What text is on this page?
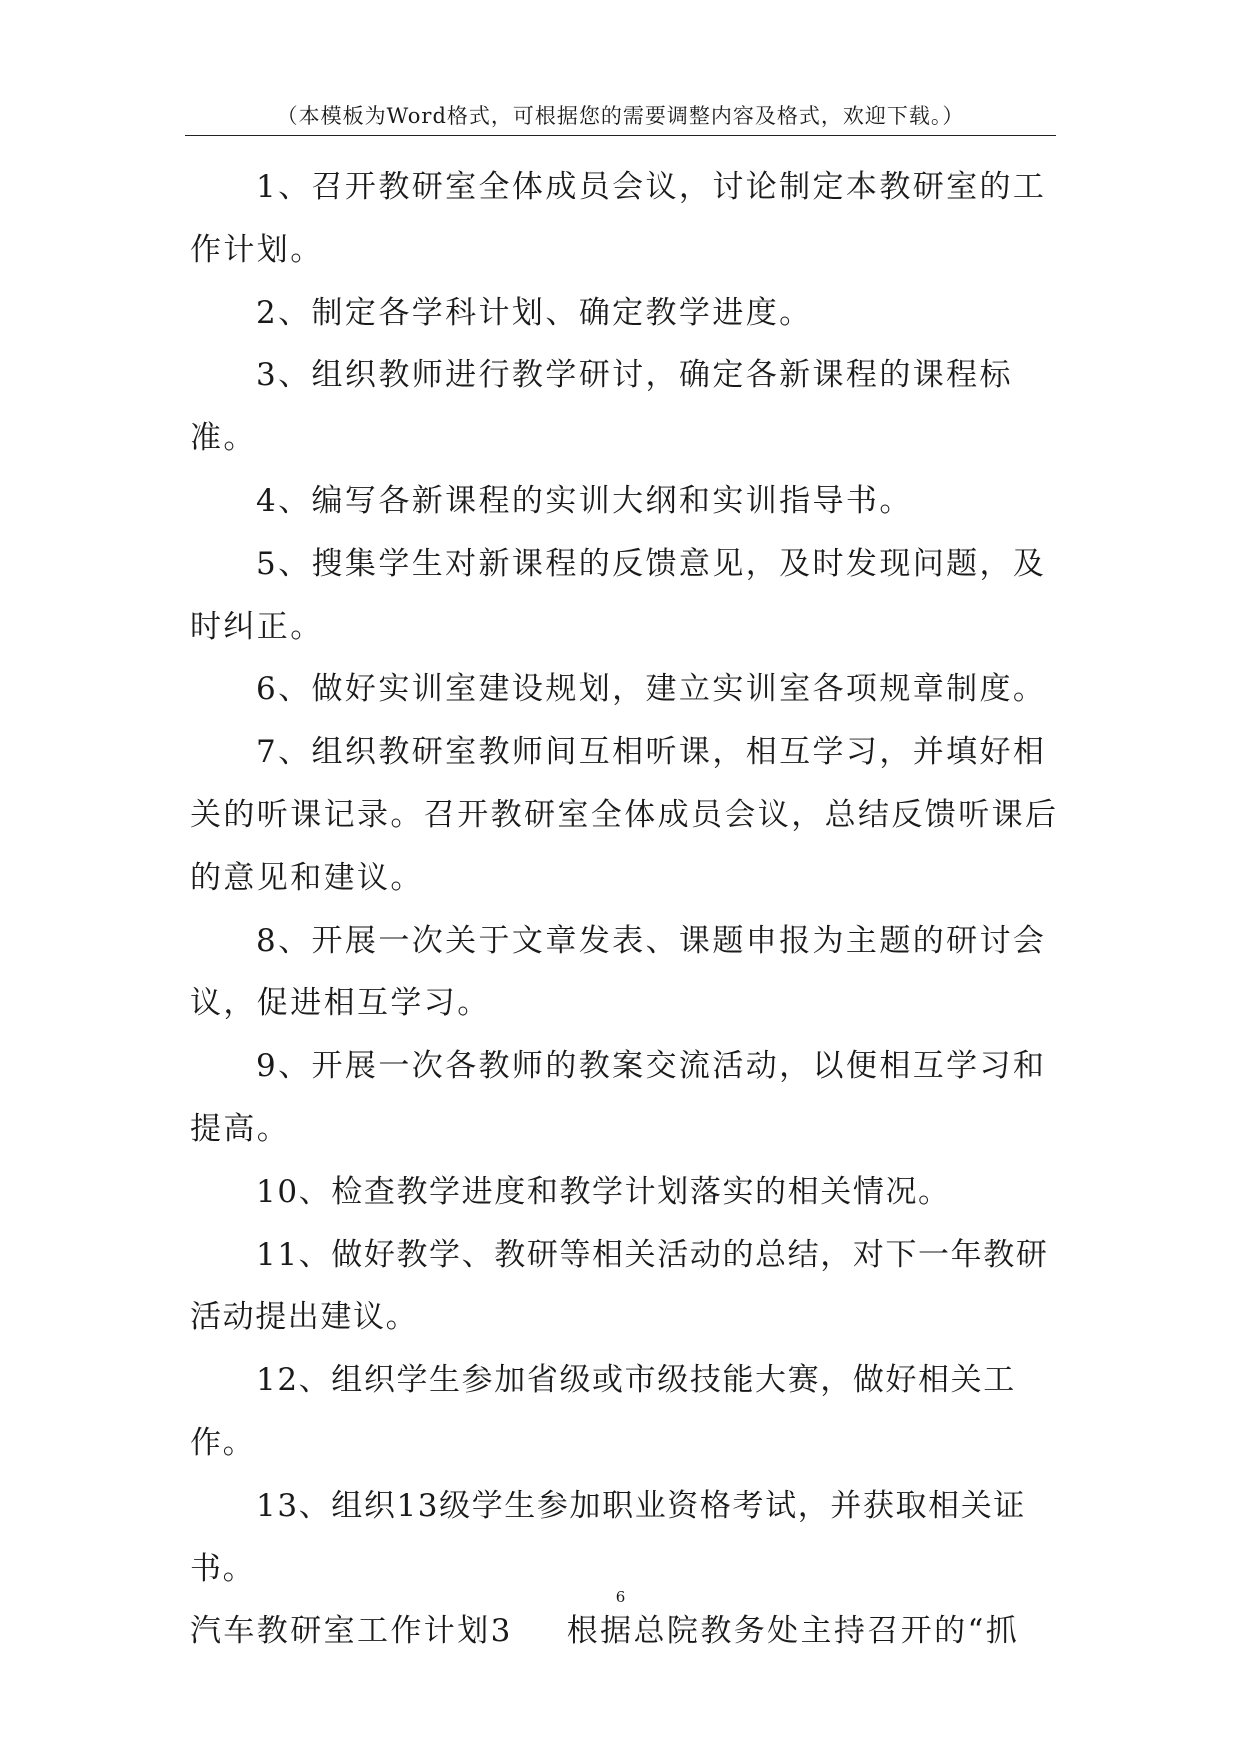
（本模板为Word格式，可根据您的需要调整内容及格式，欢迎下载。）

1、召开教研室全体成员会议，讨论制定本教研室的工作计划。

2、制定各学科计划、确定教学进度。

3、组织教师进行教学研讨，确定各新课程的课程标准。

4、编写各新课程的实训大纲和实训指导书。

5、搜集学生对新课程的反馈意见，及时发现问题，及时纠正。

6、做好实训室建设规划，建立实训室各项规章制度。

7、组织教研室教师间互相听课，相互学习，并填好相关的听课记录。召开教研室全体成员会议，总结反馈听课后的意见和建议。

8、开展一次关于文章发表、课题申报为主题的研讨会议，促进相互学习。

9、开展一次各教师的教案交流活动，以便相互学习和提高。

10、检查教学进度和教学计划落实的相关情况。

11、做好教学、教研等相关活动的总结，对下一年教研活动提出建议。

12、组织学生参加省级或市级技能大赛，做好相关工作。

13、组织13级学生参加职业资格考试，并获取相关证书。

汽车教研室工作计划3 根据总院教务处主持召开的“抓

6
